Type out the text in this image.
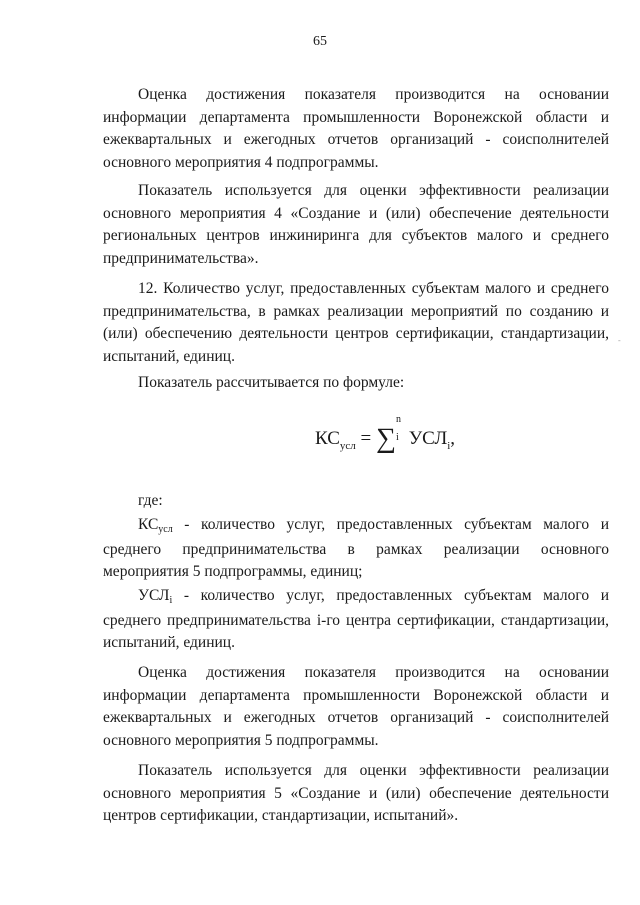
65

Оценка достижения показателя производится на основании информации департамента промышленности Воронежской области и ежеквартальных и ежегодных отчетов организаций - соисполнителей основного мероприятия 4 подпрограммы.

Показатель используется для оценки эффективности реализации основного мероприятия 4 «Создание и (или) обеспечение деятельности региональных центров инжиниринга для субъектов малого и среднего предпринимательства».

12. Количество услуг, предоставленных субъектам малого и среднего предпринимательства, в рамках реализации мероприятий по созданию и (или) обеспечению деятельности центров сертификации, стандартизации, испытаний, единиц.

Показатель рассчитывается по формуле:

$КС_{усл}$ = ∑
n
i $УСЛ_i$,

где:

КСусл - количество услуг, предоставленных субъектам малого и среднего предпринимательства в рамках реализации основного мероприятия 5 подпрограммы, единиц;

УСЛi - количество услуг, предоставленных субъектам малого и среднего предпринимательства i-го центра сертификации, стандартизации, испытаний, единиц.

Оценка достижения показателя производится на основании информации департамента промышленности Воронежской области и ежеквартальных и ежегодных отчетов организаций - соисполнителей основного мероприятия 5 подпрограммы.

Показатель используется для оценки эффективности реализации основного мероприятия 5 «Создание и (или) обеспечение деятельности центров сертификации, стандартизации, испытаний».

-
